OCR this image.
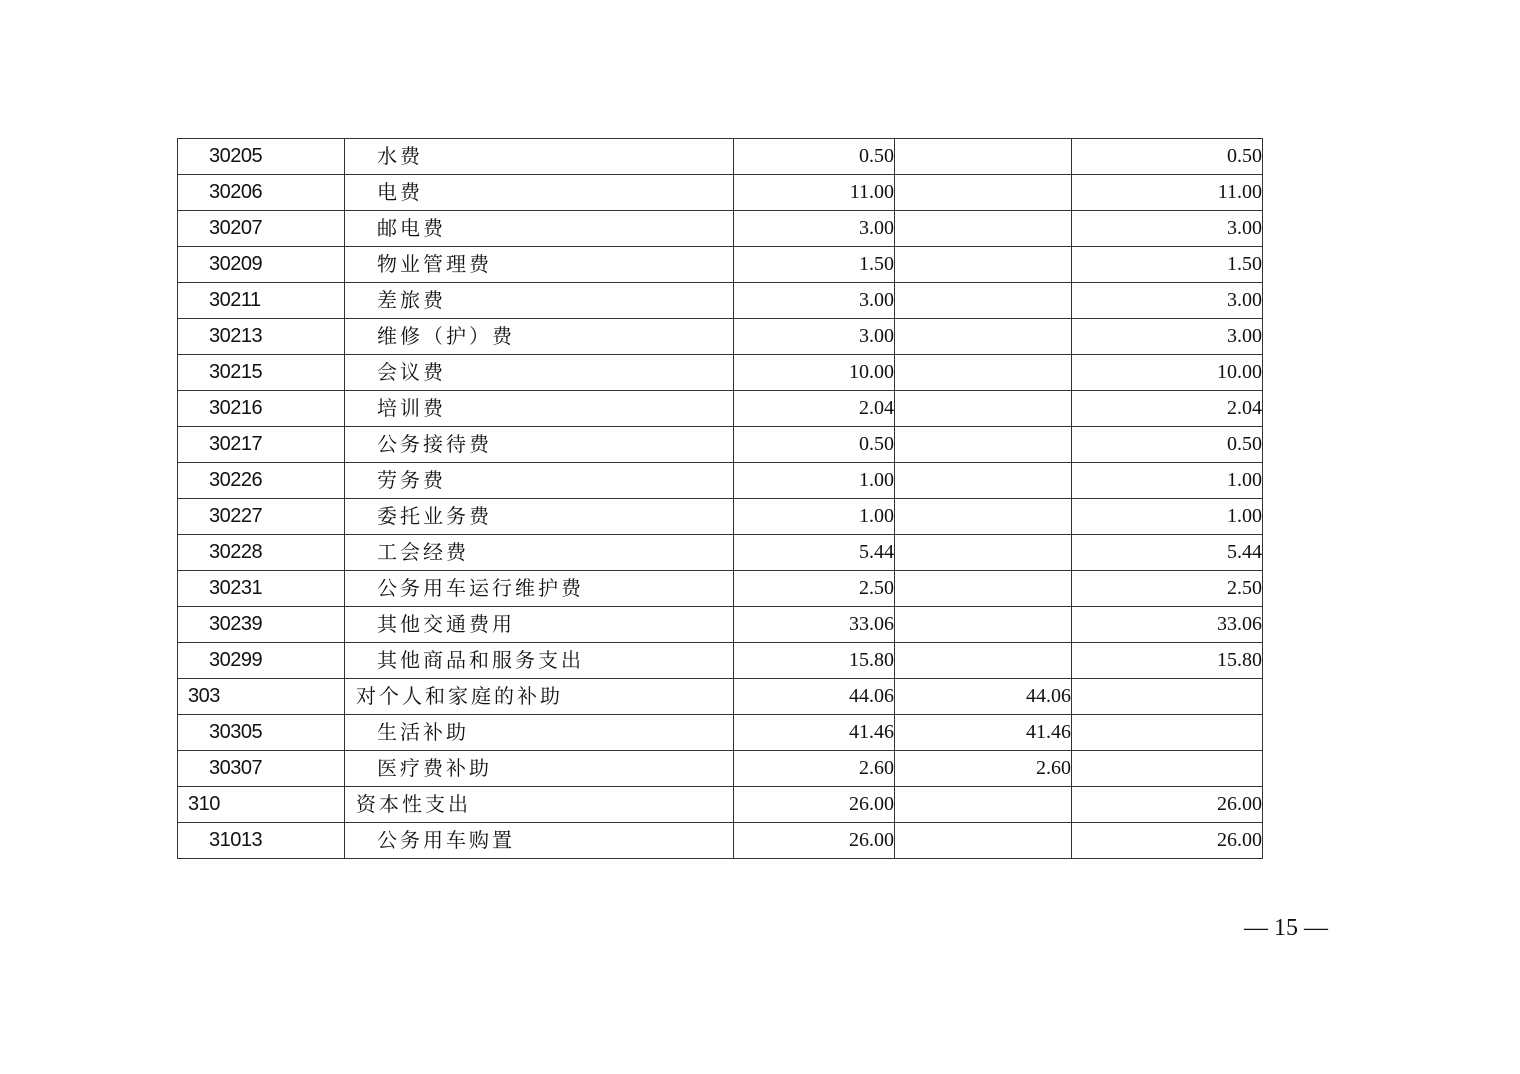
30205	水费	0.50		0.50
30206	电费	11.00		11.00
30207	邮电费	3.00		3.00
30209	物业管理费	1.50		1.50
30211	差旅费	3.00		3.00
30213	维修（护）费	3.00		3.00
30215	会议费	10.00		10.00
30216	培训费	2.04		2.04
30217	公务接待费	0.50		0.50
30226	劳务费	1.00		1.00
30227	委托业务费	1.00		1.00
30228	工会经费	5.44		5.44
30231	公务用车运行维护费	2.50		2.50
30239	其他交通费用	33.06		33.06
30299	其他商品和服务支出	15.80		15.80
303	对个人和家庭的补助	44.06	44.06	
30305	生活补助	41.46	41.46	
30307	医疗费补助	2.60	2.60	
310	资本性支出	26.00		26.00
31013	公务用车购置	26.00		26.00
— 15 —
